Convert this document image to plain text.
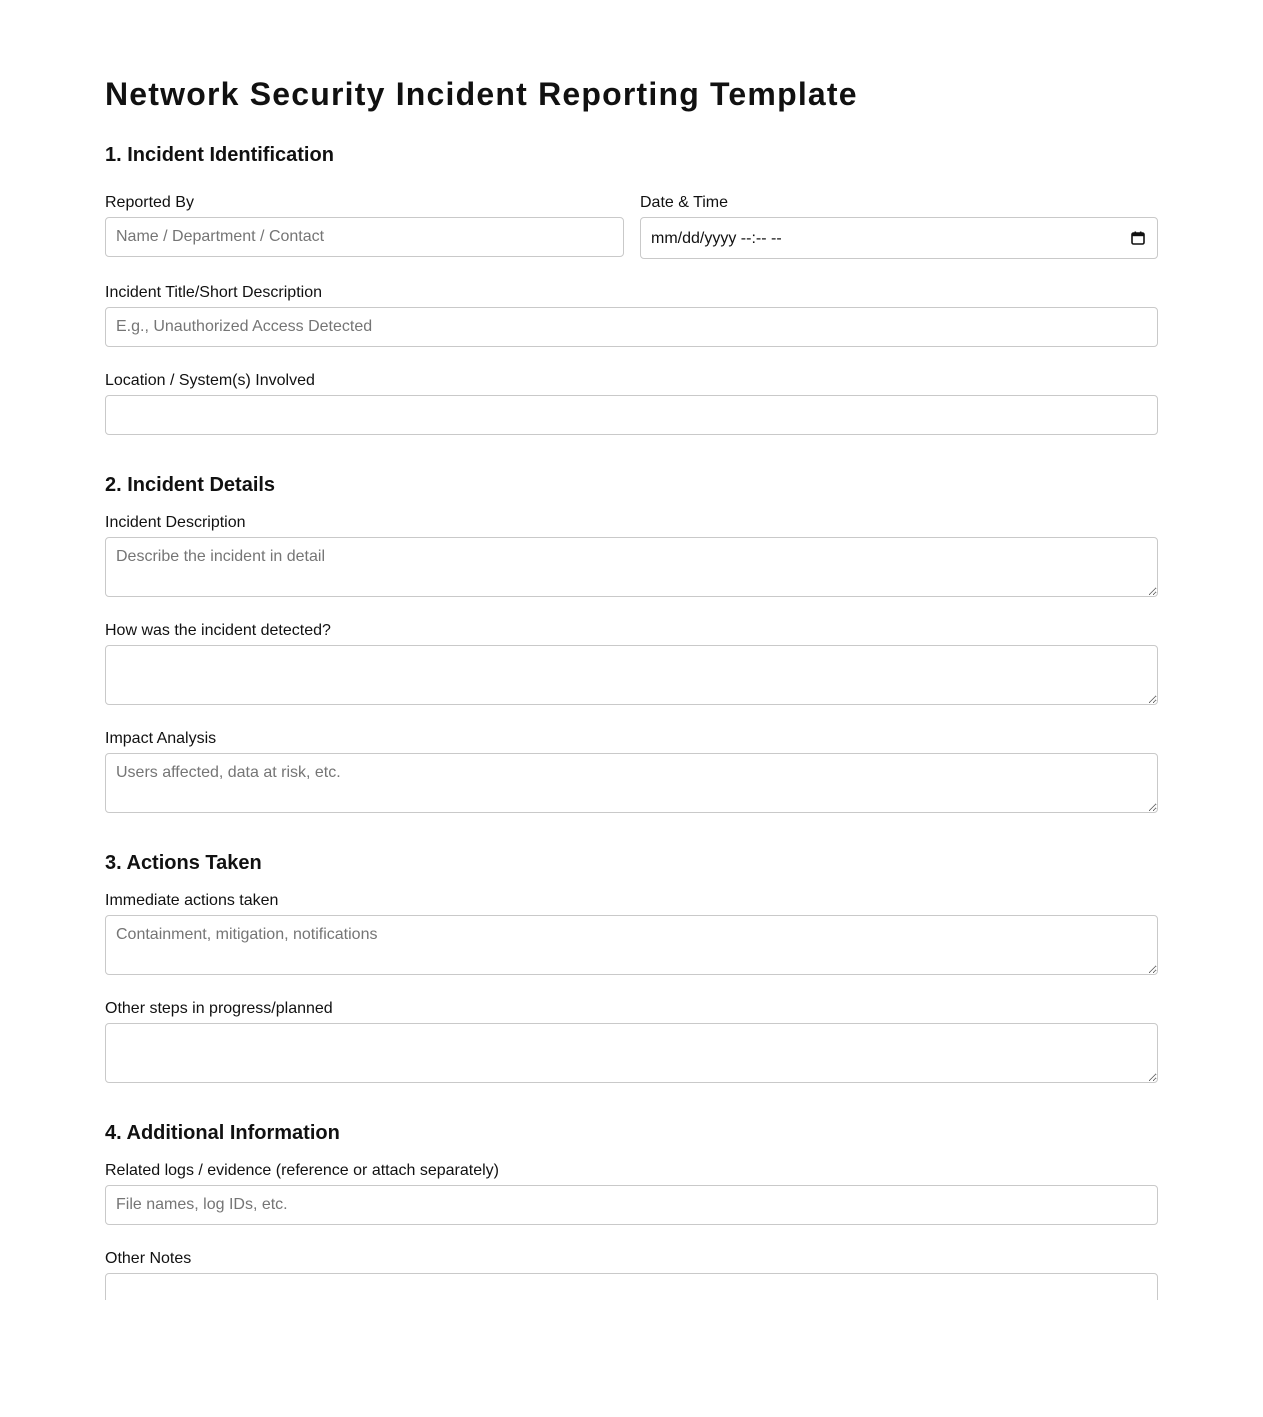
Network Security Incident Reporting Template
1. Incident Identification
Reported By
Name / Department / Contact	Date & Time
mm/dd/yyyy --:-- --
Incident Title/Short Description
E.g., Unauthorized Access Detected
Location / System(s) Involved
2. Incident Details
Incident Description
Describe the incident in detail
How was the incident detected?
Impact Analysis
Users affected, data at risk, etc.
3. Actions Taken
Immediate actions taken
Containment, mitigation, notifications
Other steps in progress/planned
4. Additional Information
Related logs / evidence (reference or attach separately)
File names, log IDs, etc.
Other Notes
